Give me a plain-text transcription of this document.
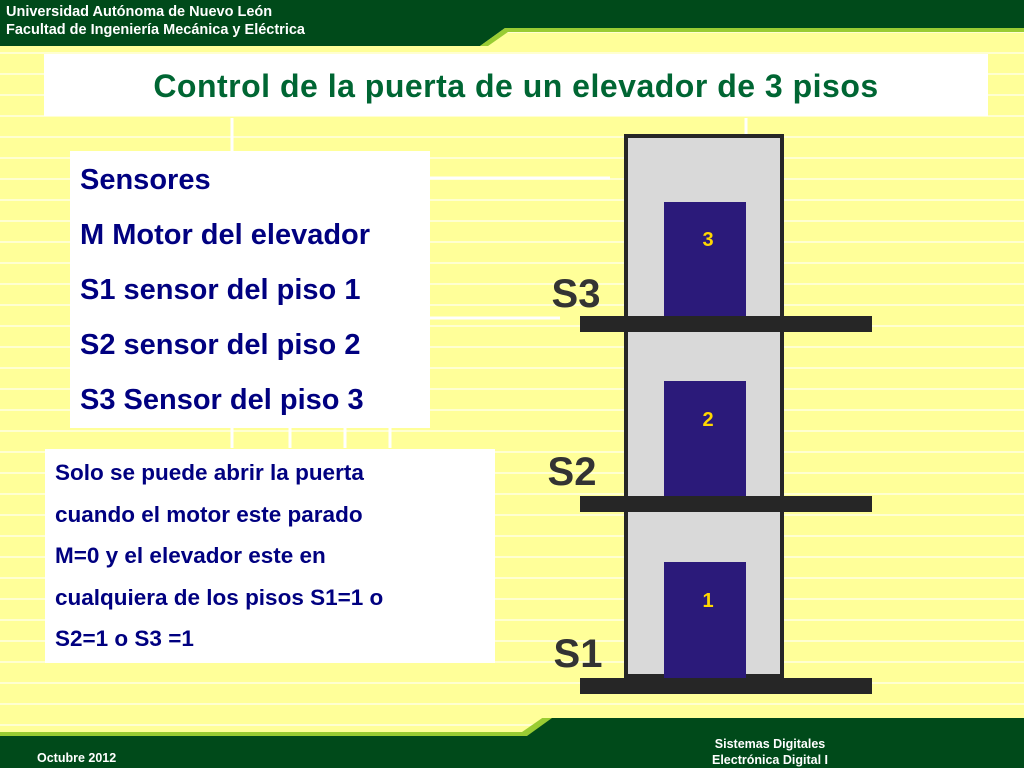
Universidad Autónoma de Nuevo León
Facultad de Ingeniería Mecánica y Eléctrica
Control de la puerta de un elevador de 3 pisos
Sensores
M Motor del elevador
S1 sensor del piso 1
S2 sensor del piso 2
S3 Sensor del piso 3
Solo se puede abrir la puerta
cuando el motor este parado
M=0 y el elevador este en
cualquiera de los pisos S1=1 o
S2=1 o S3 =1
3
2
1
S3
S2
S1
Octubre 2012
Sistemas Digitales
Electrónica Digital I
